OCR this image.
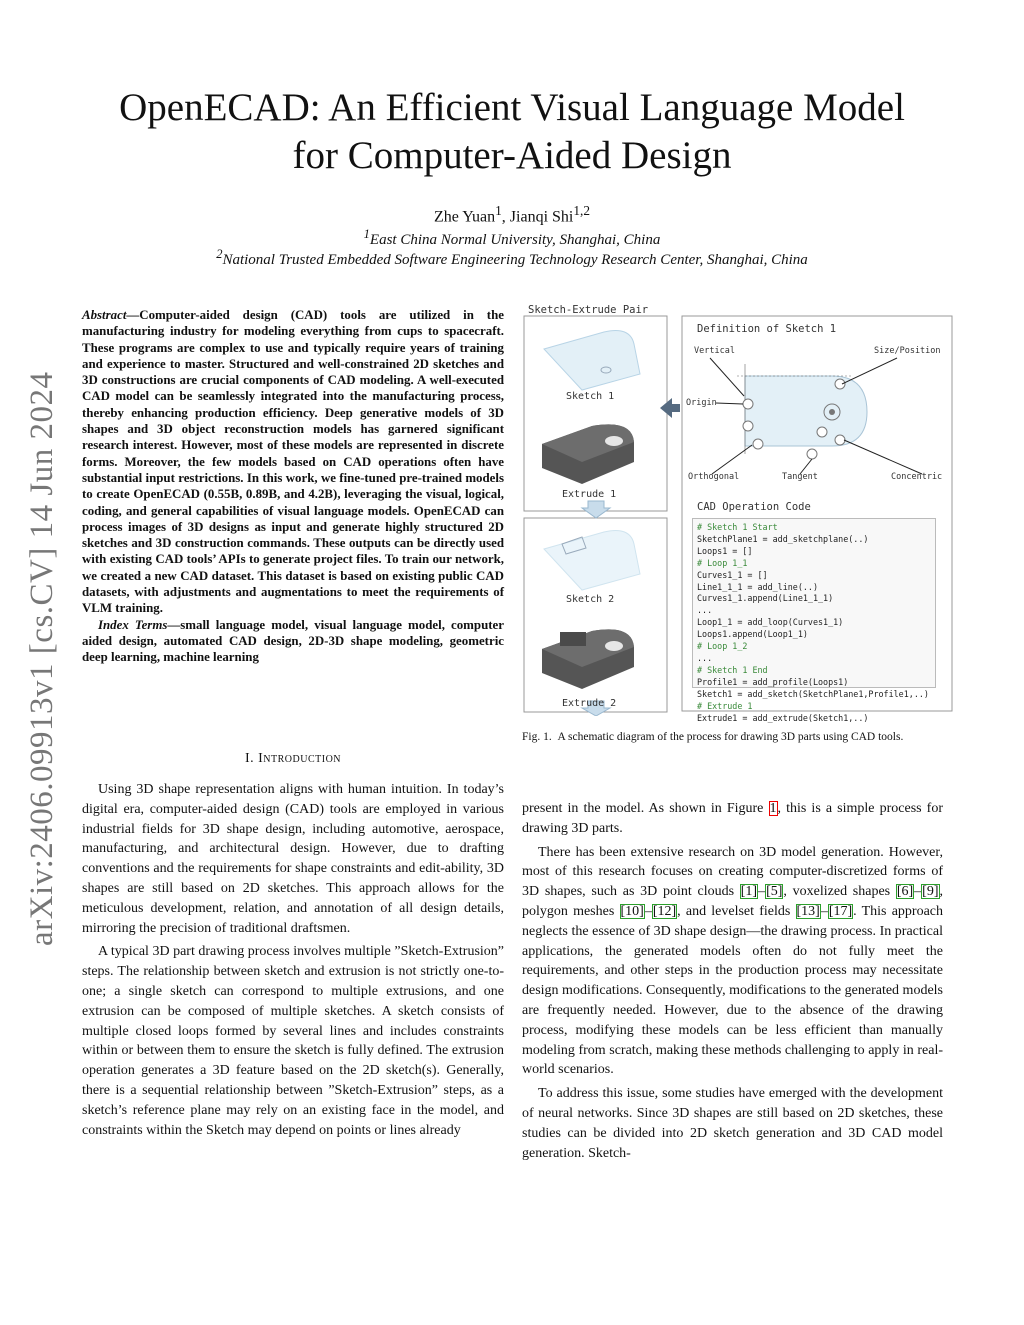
OpenECAD: An Efficient Visual Language Model
for Computer-Aided Design
Zhe Yuan$^1$, Jianqi Shi$^{1,2}$
$^1$East China Normal University, Shanghai, China
$^2$National Trusted Embedded Software Engineering Technology Research Center, Shanghai, China
arXiv:2406.09913v1 [cs.CV] 14 Jun 2024

Abstract—Computer-aided design (CAD) tools are utilized in the manufacturing industry for modeling everything from cups to spacecraft. These programs are complex to use and typically require years of training and experience to master. Structured and well-constrained 2D sketches and 3D constructions are crucial components of CAD modeling. A well-executed CAD model can be seamlessly integrated into the manufacturing process, thereby enhancing production efficiency. Deep generative models of 3D shapes and 3D object reconstruction models has garnered significant research interest. However, most of these models are represented in discrete forms. Moreover, the few models based on CAD operations often have substantial input restrictions. In this work, we fine-tuned pre-trained models to create OpenECAD (0.55B, 0.89B, and 4.2B), leveraging the visual, logical, coding, and general capabilities of visual language models. OpenECAD can process images of 3D designs as input and generate highly structured 2D sketches and 3D construction commands. These outputs can be directly used with existing CAD tools’ APIs to generate project files. To train our network, we created a new CAD dataset. This dataset is based on existing public CAD datasets, with adjustments and augmentations to meet the requirements of VLM training.

Index Terms—small language model, visual language model, computer aided design, automated CAD design, 2D-3D shape modeling, geometric deep learning, machine learning

I. Introduction

Using 3D shape representation aligns with human intuition. In today’s digital era, computer-aided design (CAD) tools are employed in various industrial fields for 3D shape design, including automotive, aerospace, manufacturing, and architectural design. However, due to drafting conventions and the requirements for shape constraints and edit-ability, 3D shapes are still based on 2D sketches. This approach allows for the meticulous development, relation, and annotation of all design details, mirroring the precision of traditional draftsmen.

A typical 3D part drawing process involves multiple ”Sketch-Extrusion” steps. The relationship between sketch and extrusion is not strictly one-to-one; a single sketch can correspond to multiple extrusions, and one extrusion can be composed of multiple sketches. A sketch consists of multiple closed loops formed by several lines and includes constraints within or between them to ensure the sketch is fully defined. The extrusion operation generates a 3D feature based on the 2D sketch(s). Generally, there is a sequential relationship between ”Sketch-Extrusion” steps, as a sketch’s reference plane may rely on an existing face in the model, and constraints within the Sketch may depend on points or lines already

Sketch-Extrude Pair
Sketch 1
Extrude 1
Sketch 2
Extrude 2
Definition of Sketch 1
Vertical	Size/Position
Origin
Orthogonal	Tangent	Concentric
CAD Operation Code
# Sketch 1 Start
SketchPlane1 = add_sketchplane(..)
Loops1 = []
# Loop 1_1
Curves1_1 = []
Line1_1_1 = add_line(..)
Curves1_1.append(Line1_1_1)
...
Loop1_1 = add_loop(Curves1_1)
Loops1.append(Loop1_1)
# Loop 1_2
...
# Sketch 1 End
Profile1 = add_profile(Loops1)
Sketch1 = add_sketch(SketchPlane1,Profile1,..)
# Extrude 1
Extrude1 = add_extrude(Sketch1,..)
Fig. 1. A schematic diagram of the process for drawing 3D parts using CAD tools.

present in the model. As shown in Figure 1, this is a simple process for drawing 3D parts.

There has been extensive research on 3D model generation. However, most of this research focuses on creating computer-discretized forms of 3D shapes, such as 3D point clouds [1]–[5], voxelized shapes [6]–[9], polygon meshes [10]–[12], and levelset fields [13]–[17]. This approach neglects the essence of 3D shape design—the drawing process. In practical applications, the generated models often do not fully meet the requirements, and other steps in the production process may necessitate design modifications. Consequently, modifications to the generated models are frequently needed. However, due to the absence of the drawing process, modifying these models can be less efficient than manually modeling from scratch, making these methods challenging to apply in real-world scenarios.

To address this issue, some studies have emerged with the development of neural networks. Since 3D shapes are still based on 2D sketches, these studies can be divided into 2D sketch generation and 3D CAD model generation. Sketch-
